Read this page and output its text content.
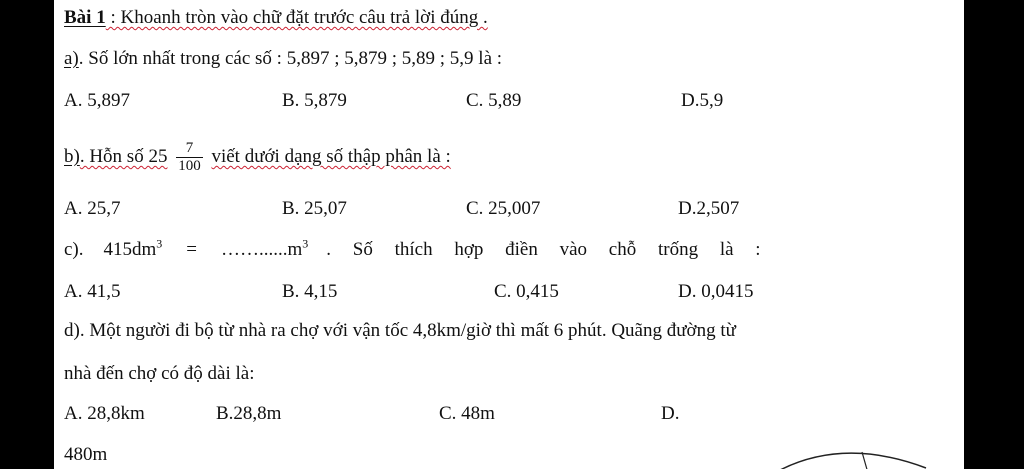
Bài 1 : Khoanh tròn vào chữ đặt trước câu trả lời đúng .
a). Số lớn nhất trong các số : 5,897 ; 5,879 ; 5,89 ; 5,9 là :
A. 5,897	B. 5,879	C. 5,89	D.5,9
b). Hỗn số $25 \frac{7}{100}$ viết dưới dạng số thập phân là :
A. 25,7	B. 25,07	C. 25,007	D.2,507
c). $415dm^3$ = $\dots\dots......m^3$ . Số thích hợp điền vào chỗ trống là :
A. 41,5	B. 4,15	C. 0,415	D. 0,0415
d). Một người đi bộ từ nhà ra chợ với vận tốc 4,8km/giờ thì mất 6 phút. Quãng đường từ
nhà đến chợ có độ dài là:
A. 28,8km	B.28,8m	C. 48m	D.
480m
